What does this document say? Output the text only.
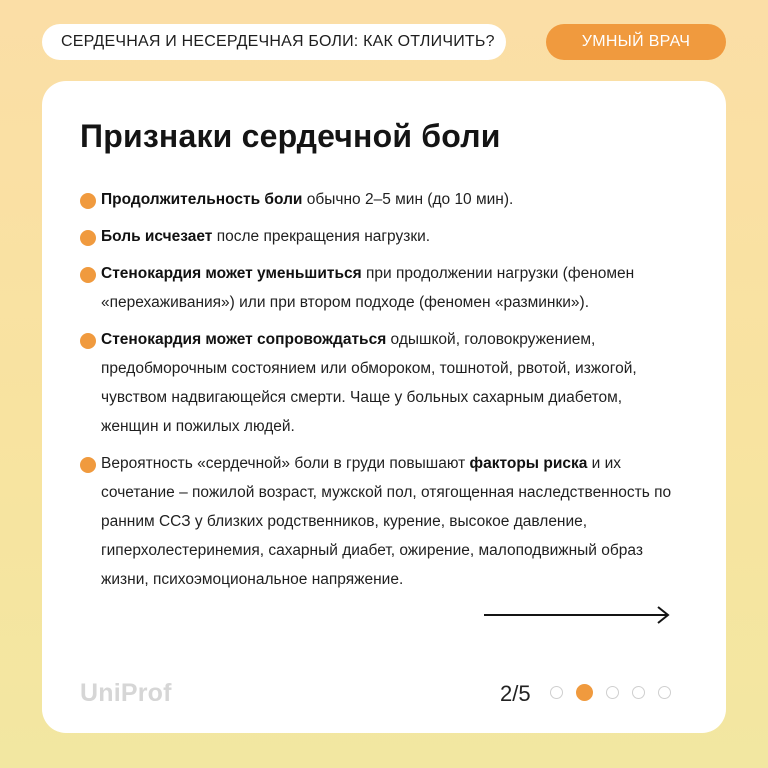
СЕРДЕЧНАЯ И НЕСЕРДЕЧНАЯ БОЛИ: КАК ОТЛИЧИТЬ?	УМНЫЙ ВРАЧ
Признаки сердечной боли
Продолжительность боли обычно 2–5 мин (до 10 мин).
Боль исчезает после прекращения нагрузки.
Стенокардия может уменьшиться при продолжении нагрузки (феномен «перехаживания») или при втором подходе (феномен «разминки»).
Стенокардия может сопровождаться одышкой, головокружением, предобморочным состоянием или обмороком, тошнотой, рвотой, изжогой, чувством надвигающейся смерти. Чаще у больных сахарным диабетом, женщин и пожилых людей.
Вероятность «сердечной» боли в груди повышают факторы риска и их сочетание – пожилой возраст, мужской пол, отягощенная наследственность по ранним ССЗ у близких родственников, курение, высокое давление, гиперхолестеринемия, сахарный диабет, ожирение, малоподвижный образ жизни, психоэмоциональное напряжение.
UniProf	2/5
